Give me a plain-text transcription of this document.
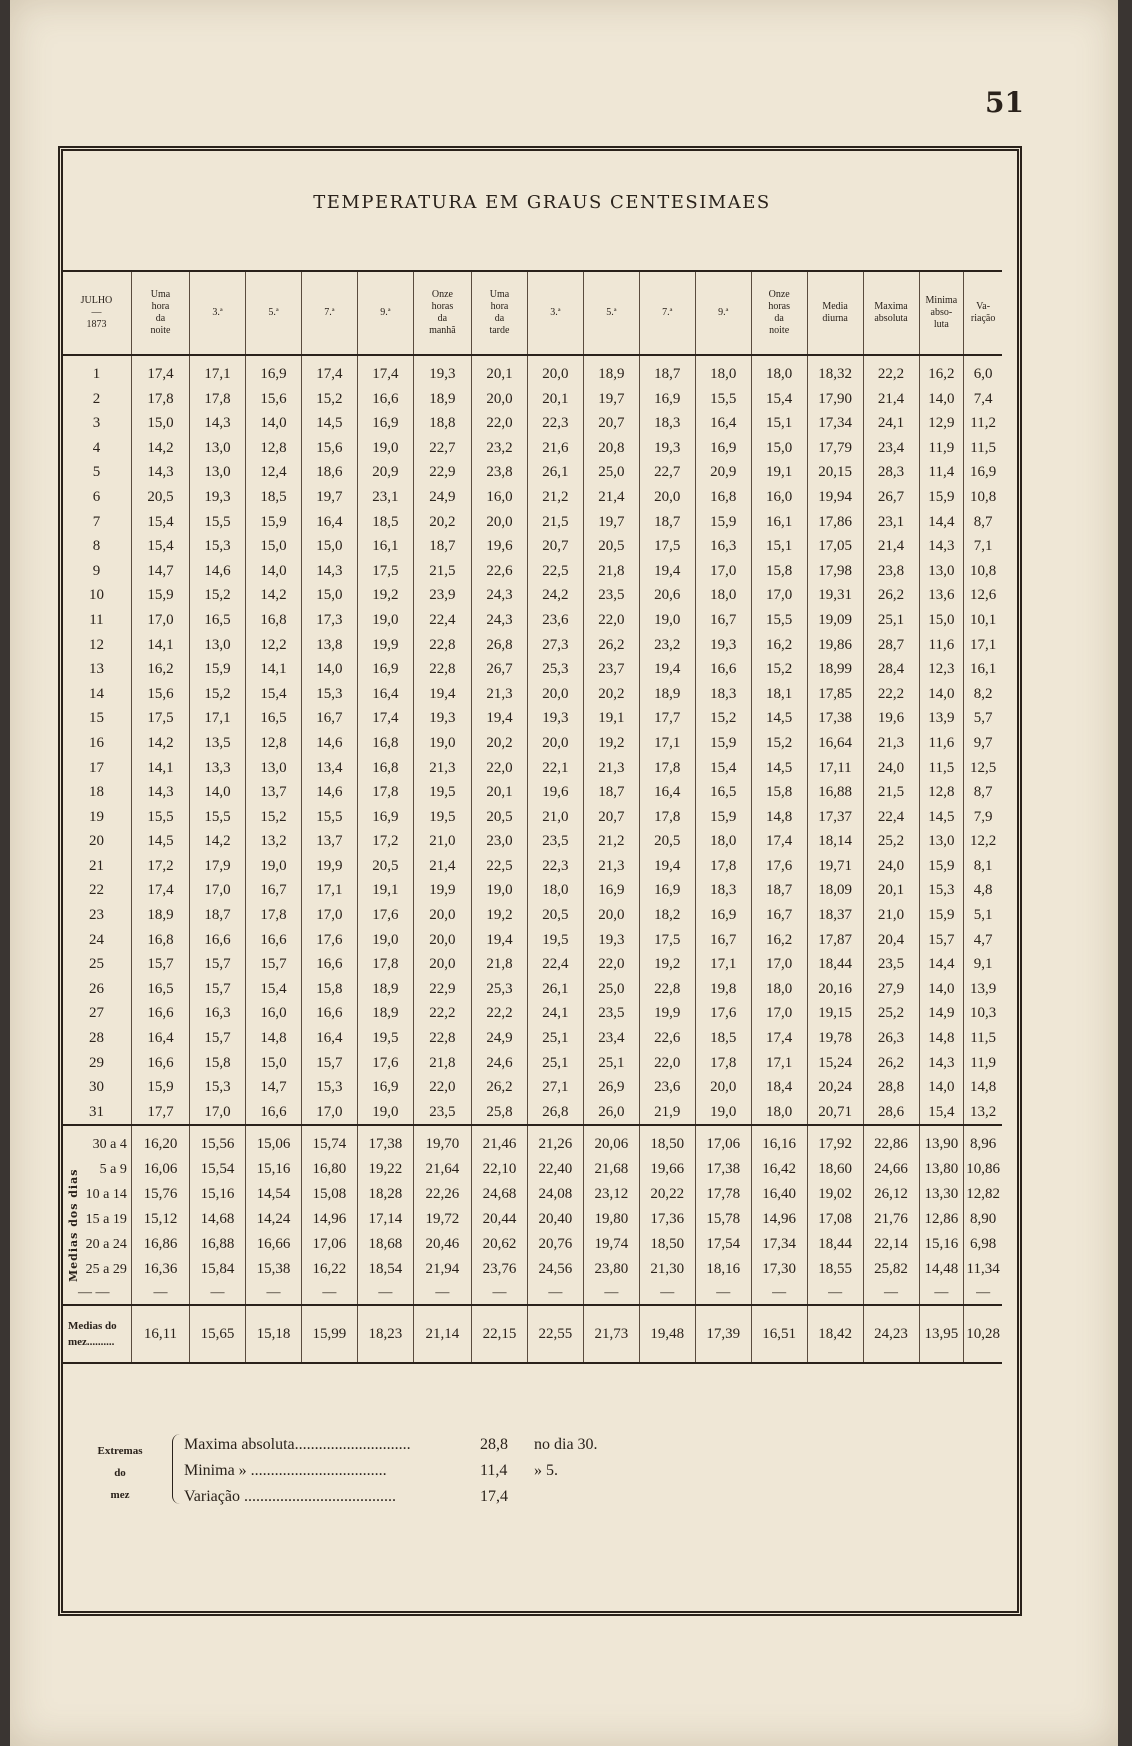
51
TEMPERATURA EM GRAUS CENTESIMAES
JULHO
—
1873	Uma
hora
da
noite	3.ª	5.ª	7.ª	9.ª	Onze
horas
da
manhã	Uma
hora
da
tarde	3.ª	5.ª	7.ª	9.ª	Onze
horas
da
noite	Media
diurna	Maxima
absoluta	Minima
abso-
luta	Va-
riação
1	17,4	17,1	16,9	17,4	17,4	19,3	20,1	20,0	18,9	18,7	18,0	18,0	18,32	22,2	16,2	6,0
2	17,8	17,8	15,6	15,2	16,6	18,9	20,0	20,1	19,7	16,9	15,5	15,4	17,90	21,4	14,0	7,4
3	15,0	14,3	14,0	14,5	16,9	18,8	22,0	22,3	20,7	18,3	16,4	15,1	17,34	24,1	12,9	11,2
4	14,2	13,0	12,8	15,6	19,0	22,7	23,2	21,6	20,8	19,3	16,9	15,0	17,79	23,4	11,9	11,5
5	14,3	13,0	12,4	18,6	20,9	22,9	23,8	26,1	25,0	22,7	20,9	19,1	20,15	28,3	11,4	16,9
6	20,5	19,3	18,5	19,7	23,1	24,9	16,0	21,2	21,4	20,0	16,8	16,0	19,94	26,7	15,9	10,8
7	15,4	15,5	15,9	16,4	18,5	20,2	20,0	21,5	19,7	18,7	15,9	16,1	17,86	23,1	14,4	8,7
8	15,4	15,3	15,0	15,0	16,1	18,7	19,6	20,7	20,5	17,5	16,3	15,1	17,05	21,4	14,3	7,1
9	14,7	14,6	14,0	14,3	17,5	21,5	22,6	22,5	21,8	19,4	17,0	15,8	17,98	23,8	13,0	10,8
10	15,9	15,2	14,2	15,0	19,2	23,9	24,3	24,2	23,5	20,6	18,0	17,0	19,31	26,2	13,6	12,6
11	17,0	16,5	16,8	17,3	19,0	22,4	24,3	23,6	22,0	19,0	16,7	15,5	19,09	25,1	15,0	10,1
12	14,1	13,0	12,2	13,8	19,9	22,8	26,8	27,3	26,2	23,2	19,3	16,2	19,86	28,7	11,6	17,1
13	16,2	15,9	14,1	14,0	16,9	22,8	26,7	25,3	23,7	19,4	16,6	15,2	18,99	28,4	12,3	16,1
14	15,6	15,2	15,4	15,3	16,4	19,4	21,3	20,0	20,2	18,9	18,3	18,1	17,85	22,2	14,0	8,2
15	17,5	17,1	16,5	16,7	17,4	19,3	19,4	19,3	19,1	17,7	15,2	14,5	17,38	19,6	13,9	5,7
16	14,2	13,5	12,8	14,6	16,8	19,0	20,2	20,0	19,2	17,1	15,9	15,2	16,64	21,3	11,6	9,7
17	14,1	13,3	13,0	13,4	16,8	21,3	22,0	22,1	21,3	17,8	15,4	14,5	17,11	24,0	11,5	12,5
18	14,3	14,0	13,7	14,6	17,8	19,5	20,1	19,6	18,7	16,4	16,5	15,8	16,88	21,5	12,8	8,7
19	15,5	15,5	15,2	15,5	16,9	19,5	20,5	21,0	20,7	17,8	15,9	14,8	17,37	22,4	14,5	7,9
20	14,5	14,2	13,2	13,7	17,2	21,0	23,0	23,5	21,2	20,5	18,0	17,4	18,14	25,2	13,0	12,2
21	17,2	17,9	19,0	19,9	20,5	21,4	22,5	22,3	21,3	19,4	17,8	17,6	19,71	24,0	15,9	8,1
22	17,4	17,0	16,7	17,1	19,1	19,9	19,0	18,0	16,9	16,9	18,3	18,7	18,09	20,1	15,3	4,8
23	18,9	18,7	17,8	17,0	17,6	20,0	19,2	20,5	20,0	18,2	16,9	16,7	18,37	21,0	15,9	5,1
24	16,8	16,6	16,6	17,6	19,0	20,0	19,4	19,5	19,3	17,5	16,7	16,2	17,87	20,4	15,7	4,7
25	15,7	15,7	15,7	16,6	17,8	20,0	21,8	22,4	22,0	19,2	17,1	17,0	18,44	23,5	14,4	9,1
26	16,5	15,7	15,4	15,8	18,9	22,9	25,3	26,1	25,0	22,8	19,8	18,0	20,16	27,9	14,0	13,9
27	16,6	16,3	16,0	16,6	18,9	22,2	22,2	24,1	23,5	19,9	17,6	17,0	19,15	25,2	14,9	10,3
28	16,4	15,7	14,8	16,4	19,5	22,8	24,9	25,1	23,4	22,6	18,5	17,4	19,78	26,3	14,8	11,5
29	16,6	15,8	15,0	15,7	17,6	21,8	24,6	25,1	25,1	22,0	17,8	17,1	15,24	26,2	14,3	11,9
30	15,9	15,3	14,7	15,3	16,9	22,0	26,2	27,1	26,9	23,6	20,0	18,4	20,24	28,8	14,0	14,8
31	17,7	17,0	16,6	17,0	19,0	23,5	25,8	26,8	26,0	21,9	19,0	18,0	20,71	28,6	15,4	13,2
30 a 4	16,20	15,56	15,06	15,74	17,38	19,70	21,46	21,26	20,06	18,50	17,06	16,16	17,92	22,86	13,90	8,96
5 a 9	16,06	15,54	15,16	16,80	19,22	21,64	22,10	22,40	21,68	19,66	17,38	16,42	18,60	24,66	13,80	10,86
10 a 14	15,76	15,16	14,54	15,08	18,28	22,26	24,68	24,08	23,12	20,22	17,78	16,40	19,02	26,12	13,30	12,82
15 a 19	15,12	14,68	14,24	14,96	17,14	19,72	20,44	20,40	19,80	17,36	15,78	14,96	17,08	21,76	12,86	8,90
20 a 24	16,86	16,88	16,66	17,06	18,68	20,46	20,62	20,76	19,74	18,50	17,54	17,34	18,44	22,14	15,16	6,98
25 a 29	16,36	15,84	15,38	16,22	18,54	21,94	23,76	24,56	23,80	21,30	18,16	17,30	18,55	25,82	14,48	11,34
— —	—	—	—	—	—	—	—	—	—	—	—	—	—	—	—	—
Medias do
mez..........	16,11	15,65	15,18	15,99	18,23	21,14	22,15	22,55	21,73	19,48	17,39	16,51	18,42	24,23	13,95	10,28
Medias dos dias
Extremas
do
mez
Maxima absoluta.............................	28,8 no dia 30.
Minima » ..................................	11,4 » 5.
Variação ......................................	17,4
